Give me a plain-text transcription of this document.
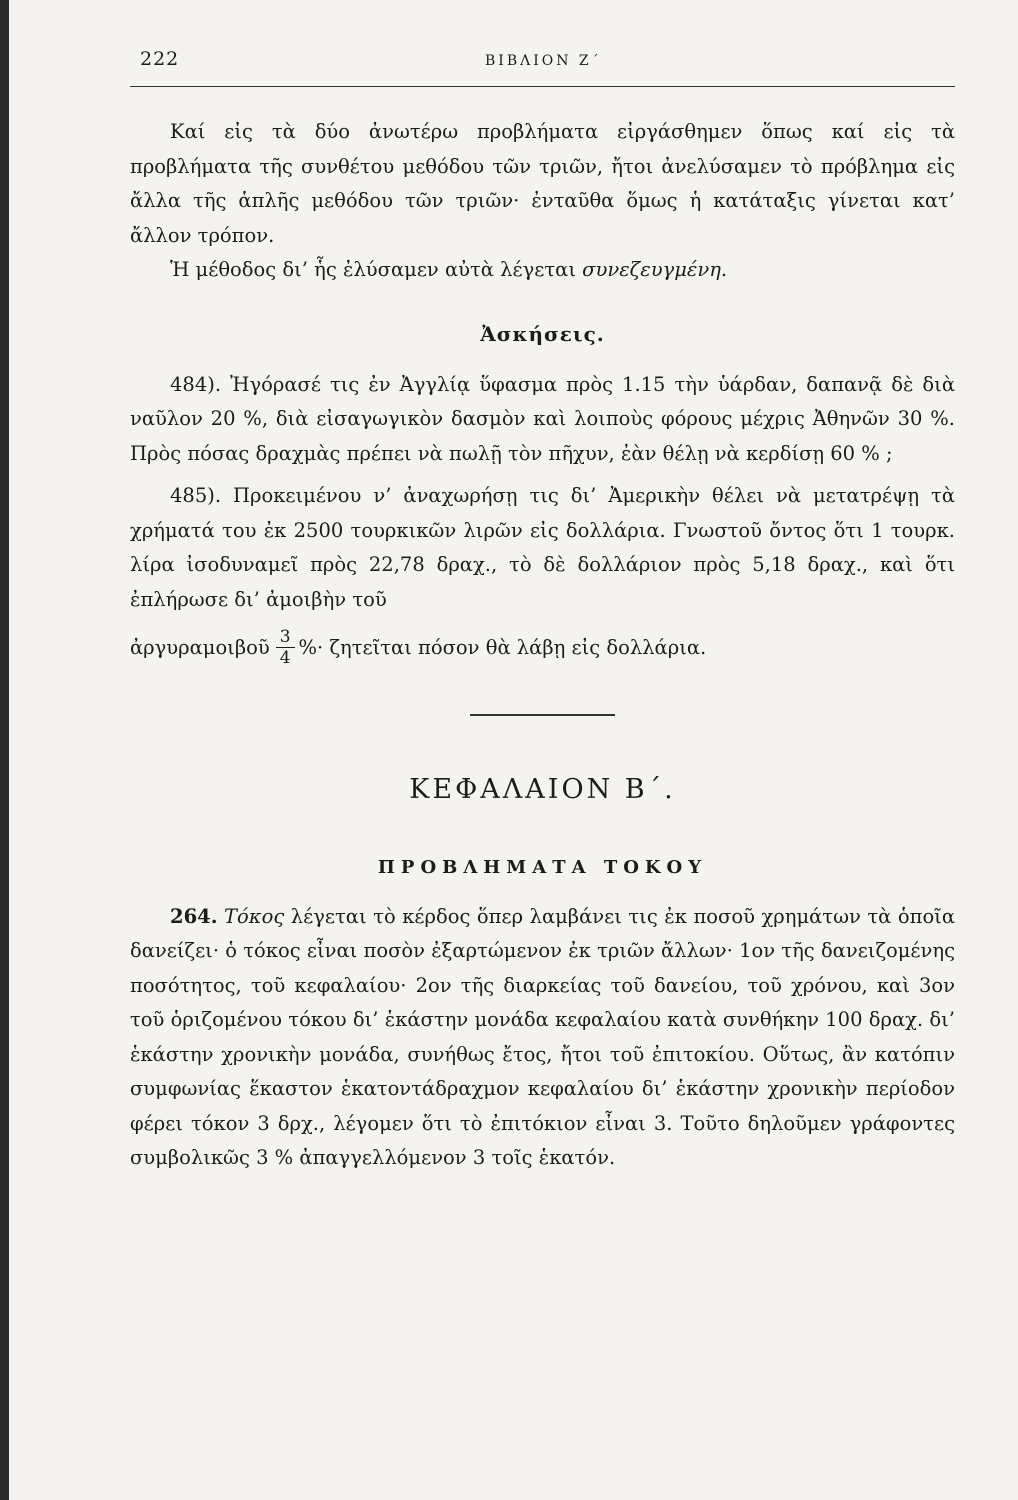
222	ΒΙΒΛΙΟΝ Ζ΄

Καί εἰς τὰ δύο ἀνωτέρω προβλήματα εἰργάσθημεν ὅπως καί εἰς τὰ προβλήματα τῆς συνθέτου μεθόδου τῶν τριῶν, ἤτοι ἀνελύσαμεν τὸ πρόβλημα εἰς ἄλλα τῆς ἁπλῆς μεθόδου τῶν τριῶν· ἐνταῦθα ὅμως ἡ κατάταξις γίνεται κατ’ ἄλλον τρόπον.

Ἡ μέθοδος δι’ ἧς ἐλύσαμεν αὐτὰ λέγεται συνεζευγμένη.

Ἀσκήσεις.

484). Ἠγόρασέ τις ἐν Ἀγγλίᾳ ὕφασμα πρὸς 1.15 τὴν ὑάρδαν, δαπανᾷ δὲ διὰ ναῦλον 20 %, διὰ εἰσαγωγικὸν δασμὸν καὶ λοιποὺς φόρους μέχρις Ἀθηνῶν 30 %. Πρὸς πόσας δραχμὰς πρέπει νὰ πωλῇ τὸν πῆχυν, ἐὰν θέλῃ νὰ κερδίσῃ 60 % ;

485). Προκειμένου ν’ ἀναχωρήσῃ τις δι’ Ἀμερικὴν θέλει νὰ μετατρέψῃ τὰ χρήματά του ἐκ 2500 τουρκικῶν λιρῶν εἰς δολλάρια. Γνωστοῦ ὄντος ὅτι 1 τουρκ. λίρα ἰσοδυναμεῖ πρὸς 22,78 δραχ., τὸ δὲ δολλάριον πρὸς 5,18 δραχ., καὶ ὅτι ἐπλήρωσε δι’ ἀμοιβὴν τοῦ

ἀργυραμοιβοῦ $\frac{3}{4}$ %· ζητεῖται πόσον θὰ λάβῃ εἰς δολλάρια.
ΚΕΦΑΛΑΙΟΝ Β΄.
ΠΡΟΒΛΗΜΑΤΑ ΤΟΚΟΥ

264. Τόκος λέγεται τὸ κέρδος ὅπερ λαμβάνει τις ἐκ ποσοῦ χρημάτων τὰ ὁποῖα δανείζει· ὁ τόκος εἶναι ποσὸν ἐξαρτώμενον ἐκ τριῶν ἄλλων· 1ον τῆς δανειζομένης ποσότητος, τοῦ κεφαλαίου· 2ον τῆς διαρκείας τοῦ δανείου, τοῦ χρόνου, καὶ 3ον τοῦ ὁριζομένου τόκου δι’ ἑκάστην μονάδα κεφαλαίου κατὰ συνθήκην 100 δραχ. δι’ ἑκάστην χρονικὴν μονάδα, συνήθως ἔτος, ἤτοι τοῦ ἐπιτοκίου. Οὕτως, ἂν κατόπιν συμφωνίας ἕκαστον ἑκατοντάδραχμον κεφαλαίου δι’ ἑκάστην χρονικὴν περίοδον φέρει τόκον 3 δρχ., λέγομεν ὅτι τὸ ἐπιτόκιον εἶναι 3. Τοῦτο δηλοῦμεν γράφοντες συμβολικῶς 3 % ἀπαγγελλόμενον 3 τοῖς ἑκατόν.
